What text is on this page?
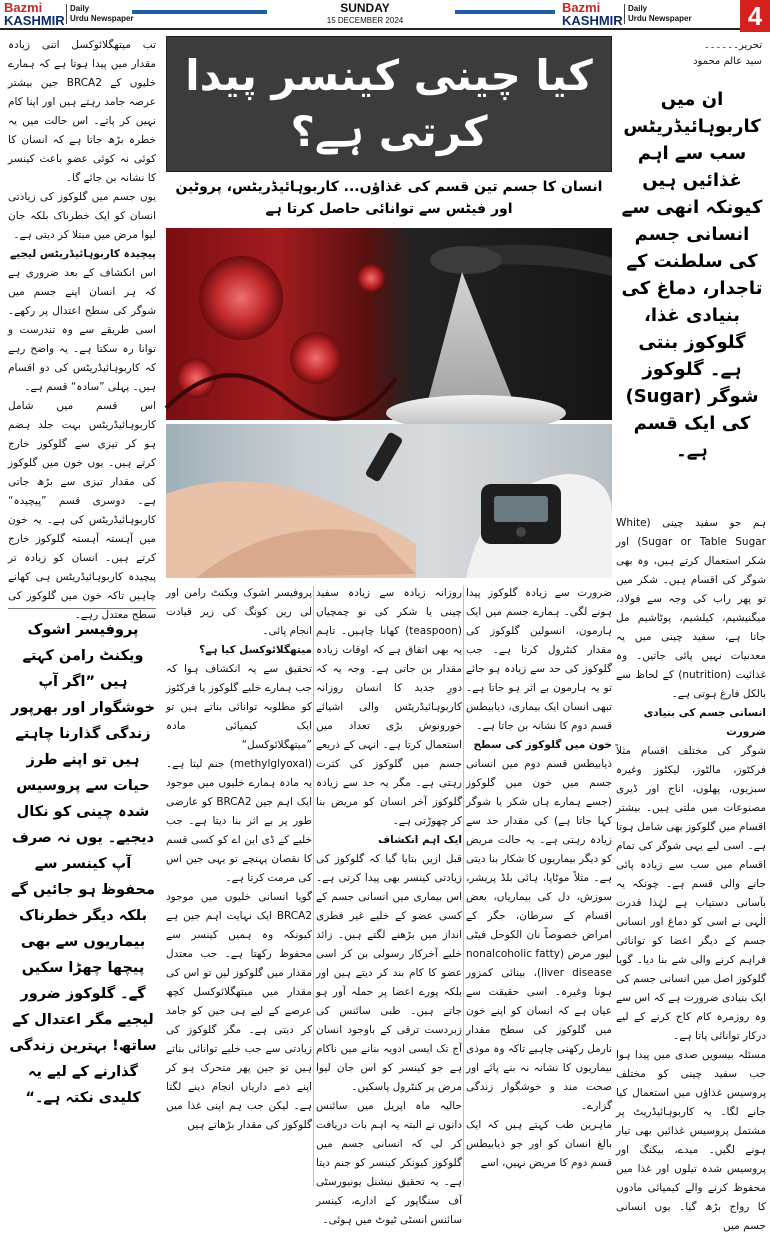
Bazmi
KASHMIR
Daily
Urdu Newspaper
SUNDAY
15 DECEMBER 2024
Bazmi
KASHMIR
Daily
Urdu Newspaper 4

تب میتھگلائوکسل اتنی زیادہ مقدار میں پیدا ہوتا ہے کہ ہمارے خلیوں کے BRCA2 جین بیشتر عرصہ جامد رہتے ہیں اور اپنا کام نہیں کر پاتے۔ اس حالت میں یہ خطرہ بڑھ جاتا ہے کہ انسان کا کوئی نہ کوئی عضو باعث کینسر کا نشانہ بن جائے گا۔

یوں جسم میں گلوکوز کی زیادتی انسان کو ایک خطرناک بلکہ جان لیوا مرض میں مبتلا کر دیتی ہے۔

پیچیدہ کاربوہائیڈریٹس لیجیے

اس انکشاف کے بعد ضروری ہے کہ ہر انسان اپنے جسم میں شوگر کی سطح اعتدال پر رکھے۔ اسی طریقے سے وہ تندرست و توانا رہ سکتا ہے۔ یہ واضح رہے کہ کاربوہائیڈریٹس کی دو اقسام ہیں۔ پہلی ”سادہ“ قسم ہے۔

اس قسم میں شامل کاربوہائیڈریٹس بہت جلد ہضم ہو کر تیزی سے گلوکوز خارج کرتے ہیں۔ یوں خون میں گلوکوز کی مقدار تیزی سے بڑھ جاتی ہے۔ دوسری قسم ”پیچیدہ“ کاربوہائیڈریٹس کی ہے۔ یہ خون میں آہستہ آہستہ گلوکوز خارج کرتے ہیں۔ انسان کو زیادہ تر پیچیدہ کاربوہائیڈریٹس ہی کھانے چاہیں تاکہ خون میں گلوکوز کی سطح معتدل رہے۔

پروفیسر اشوک ویکنٹ رامن کہتے ہیں ”اگر آپ خوشگوار اور بھرپور زندگی گذارنا چاہتے ہیں تو اپنے طرز حیات سے پروسیس شدہ چینی کو نکال دیجیے۔ یوں نہ صرف آپ کینسر سے محفوظ ہو جائیں گے بلکہ دیگر خطرناک بیماریوں سے بھی پیچھا چھڑا سکیں گے۔ گلوکوز ضرور لیجیے مگر اعتدال کے ساتھ! بہترین زندگی گذارنے کے لیے یہ کلیدی نکتہ ہے۔“
کیا چینی کینسر پیدا کرتی ہے؟
انسان کا جسم تین قسم کی غذاؤں... کاربوہائیڈریٹس، پروٹین اور فیٹس سے توانائی حاصل کرتا ہے
تحریر۔۔۔۔۔۔
سید عالم محمود
ان میں کاربوہائیڈریٹس سب سے اہم غذائیں ہیں کیونکہ انھی سے انسانی جسم کی سلطنت کے تاجدار، دماغ کی بنیادی غذا، گلوکوز بنتی ہے۔ گلوکوز شوگر (Sugar) کی ایک قسم ہے۔

ہم جو سفید چینی (White Sugar or Table Sugar) اور شکر استعمال کرتے ہیں، وہ بھی شوگر کی اقسام ہیں۔ شکر میں تو پھر راب کی وجہ سے فولاد، میگنیشیم، کیلشیم، پوٹاشیم مل جاتا ہے، سفید چینی میں یہ معدنیات نہیں پائی جاتیں۔ وہ غذائیت (nutrition) کے لحاظ سے بالکل فارغ ہوتی ہے۔

انسانی جسم کی بنیادی ضرورت

شوگر کی مختلف اقسام مثلاً فرکٹوز، مالٹوز، لیکٹوز وغیرہ سبزیوں، پھلوں، اناج اور ڈیری مصنوعات میں ملتی ہیں۔ بیشتر اقسام میں گلوکوز بھی شامل ہوتا ہے۔ اسی لیے یہی شوگر کی تمام اقسام میں سب سے زیادہ پائی جانے والی قسم ہے۔ چونکہ یہ بآسانی دستیاب ہے لہٰذا قدرت الٰہی نے اسی کو دماغ اور انسانی جسم کے دیگر اعضا کو توانائی فراہم کرنے والی شے بنا دیا۔ گویا گلوکوز اصل میں انسانی جسم کی ایک بنیادی ضرورت ہے کہ اس سے وہ روزمرہ کام کاج کرنے کے لیے درکار توانائی پاتا ہے۔

مسئلہ بیسویں صدی میں پیدا ہوا جب سفید چینی کو مختلف پروسیس غذاؤں میں استعمال کیا جانے لگا۔ یہ کاربوہائیڈریٹ پر مشتمل پروسیس غذائیں بھی تیار ہونے لگیں۔ میدے، بیکنگ اور پروسیس شدہ تیلوں اور غذا میں محفوظ کرنے والے کیمیائی مادوں کا رواج بڑھ گیا۔ یوں انسانی جسم میں

ضرورت سے زیادہ گلوکوز پیدا ہونے لگی۔ ہمارے جسم میں ایک ہارمون، انسولین گلوکوز کی مقدار کنٹرول کرتا ہے۔ جب گلوکوز کی حد سے زیادہ ہو جائے تو یہ ہارمون بے اثر ہو جاتا ہے۔ تبھی انسان ایک بیماری، ذیابیطس قسم دوم کا نشانہ بن جاتا ہے۔

خون میں گلوکوز کی سطح

ذیابیطس قسم دوم میں انسانی جسم میں خون میں گلوکوز (جسے ہمارے ہاں شکر یا شوگر کہا جاتا ہے) کی مقدار حد سے زیادہ رہتی ہے۔ یہ حالت مریض کو دیگر بیماریوں کا شکار بنا دیتی ہے۔ مثلاً موٹاپا، ہائی بلڈ پریشر، سوزش، دل کی بیماریاں، بعض اقسام کے سرطان، جگر کے امراض خصوصاً نان الکوحل فیٹی لیور مرض (nonalcoholic fatty liver disease)، بینائی کمزور ہونا وغیرہ۔ اسی حقیقت سے عیاں ہے کہ انسان کو اپنے خون میں گلوکوز کی سطح مقدار نارمل رکھنی چاہیے تاکہ وہ موذی بیماریوں کا نشانہ نہ بنے پائے اور صحت مند و خوشگوار زندگی گزارے۔

ماہرین طب کہتے ہیں کہ ایک بالغ انسان کو اور جو ذیابیطس قسم دوم کا مریض نہیں، اسے

روزانہ زیادہ سے زیادہ سفید چینی یا شکر کی نو چمچیاں (teaspoon) کھانا چاہیں۔ تاہم یہ بھی اتفاق ہے کہ اوقات زیادہ مقدار بن جاتی ہے۔ وجہ یہ کہ دورِ جدید کا انسان روزانہ کاربوہائیڈریٹس والی اشیائے خورونوش بڑی تعداد میں استعمال کرتا ہے۔ انہی کے ذریعے جسم میں گلوکوز کی کثرت رہتی ہے۔ مگر یہ حد سے زیادہ گلوکوز آخر انسان کو مریض بنا کر چھوڑتی ہے۔

ایک اہم انکشاف

قبل ازیں بتایا گیا کہ گلوکوز کی زیادتی کینسر بھی پیدا کرتی ہے۔ اس بیماری میں انسانی جسم کے کسی عضو کے خلیے غیر فطری انداز میں بڑھنے لگتے ہیں۔ زائد خلیے آخرکار رسولی بن کر اسی عضو کا کام بند کر دیتے ہیں اور بلکہ پورے اعضا پر حملہ آور ہو جاتے ہیں۔ طبی سائنس کی زبردست ترقی کے باوجود انسان آج تک ایسی ادویہ بنانے میں ناکام ہے جو کینسر کو اس جان لیوا مرض پر کنٹرول پاسکیں۔

حالیہ ماہ اپریل میں سائنس دانوں نے البتہ یہ اہم بات دریافت کر لی کہ انسانی جسم میں گلوکوز کیونکر کینسر کو جنم دیتا ہے۔ یہ تحقیق نیشنل یونیورسٹی آف سنگاپور کے ادارے، کینسر سائنس انسٹی ٹیوٹ میں ہوئی۔

پروفیسر اشوک ویکنٹ رامن اور لی رین کونگ کی زیر قیادت انجام پائی۔

میتھگلائوکسل کیا ہے؟

تحقیق سے یہ انکشاف ہوا کہ جب ہمارے خلیے گلوکوز یا فرکٹوز کو مطلوبہ توانائی بناتے ہیں تو ایک کیمیائی مادہ ”میتھگلائوکسل“ (methylglyoxal) جنم لیتا ہے۔ یہ مادہ ہمارے خلیوں میں موجود ایک اہم جین BRCA2 کو عارضی طور پر بے اثر بنا دیتا ہے۔ جب خلیے کے ڈی این اے کو کسی قسم کا نقصان پہنچے تو یہی جین اس کی مرمت کرتا ہے۔

گویا انسانی خلیوں میں موجود BRCA2 ایک نہایت اہم جین ہے کیونکہ وہ ہمیں کینسر سے محفوظ رکھتا ہے۔ جب معتدل مقدار میں گلوکوز لیں تو اس کی مقدار میں میتھگلائوکسل کچھ عرصے کے لیے ہی جین کو جامد کر دیتی ہے۔ مگر گلوکوز کی زیادتی سے جب خلیے توانائی بناتے ہیں تو جین پھر متحرک ہو کر اپنے ذمے داریاں انجام دینے لگتا ہے۔ لیکن جب ہم اپنی غذا میں گلوکوز کی مقدار بڑھاتے ہیں
